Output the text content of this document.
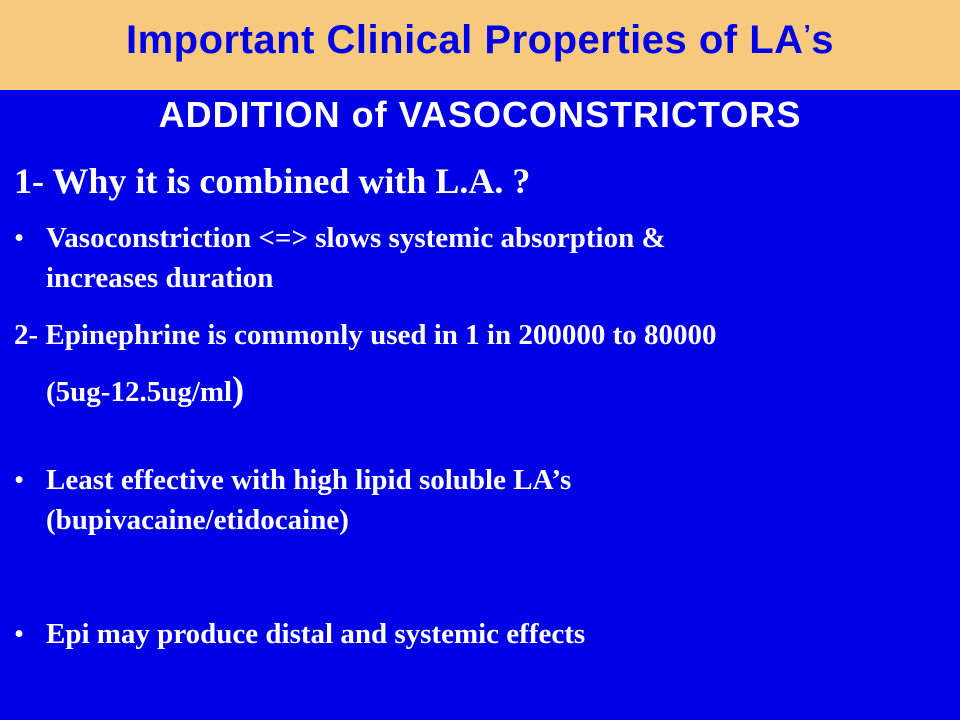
Important Clinical Properties of LA’s
ADDITION of VASOCONSTRICTORS
1- Why it is combined with L.A. ?
• Vasoconstriction <=> slows systemic absorption &
increases duration
2- Epinephrine is commonly used in 1 in 200000 to 80000
(5ug-12.5ug/ml)
• Least effective with high lipid soluble LA’s
(bupivacaine/etidocaine)
• Epi may produce distal and systemic effects
